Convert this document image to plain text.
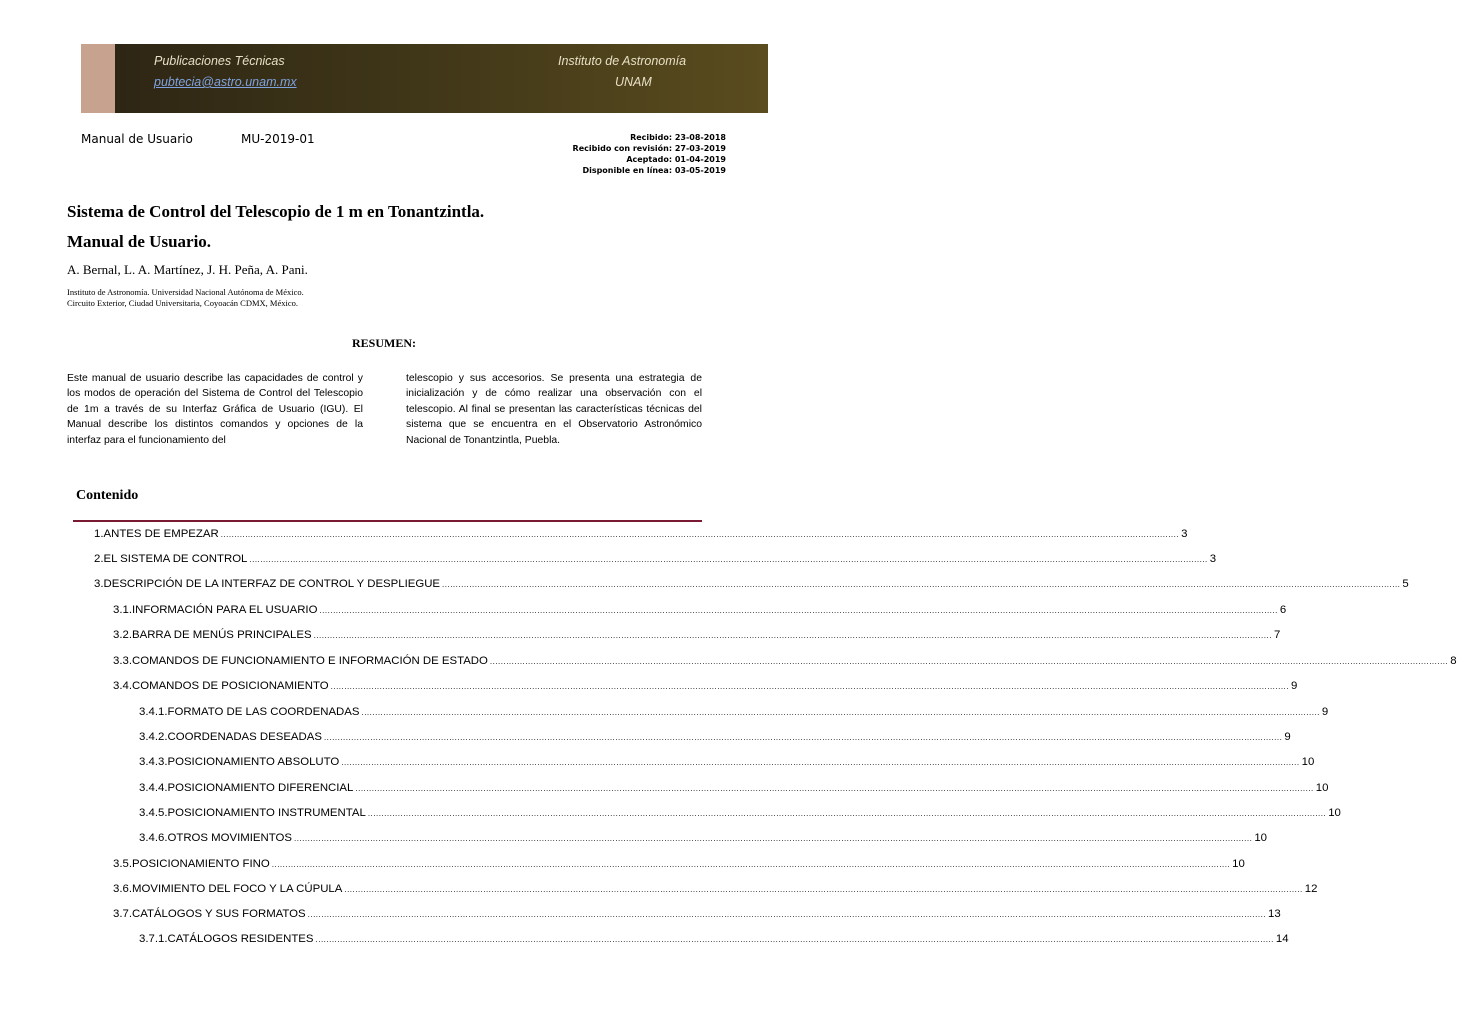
Publicaciones Técnicas
pubtecia@astro.unam.mx
Instituto de Astronomía
UNAM
Manual de Usuario	MU-2019-01	Recibido: 23-08-2018
Recibido con revisión: 27-03-2019
Aceptado: 01-04-2019
Disponible en línea: 03-05-2019
Sistema de Control del Telescopio de 1 m en Tonantzintla.
Manual de Usuario.
A. Bernal, L. A. Martínez, J. H. Peña, A. Pani.
Instituto de Astronomía. Universidad Nacional Autónoma de México.
Circuito Exterior, Ciudad Universitaria, Coyoacán CDMX, México.
RESUMEN:
Este manual de usuario describe las capacidades de control y los modos de operación del Sistema de Control del Telescopio de 1m a través de su Interfaz Gráfica de Usuario (IGU). El Manual describe los distintos comandos y opciones de la interfaz para el funcionamiento del
telescopio y sus accesorios. Se presenta una estrategia de inicialización y de cómo realizar una observación con el telescopio. Al final se presentan las características técnicas del sistema que se encuentra en el Observatorio Astronómico Nacional de Tonantzintla, Puebla.
Contenido
1. ANTES DE EMPEZAR ................................................................................................................................................................................................................................................................................................................................................................ 3
2. EL SISTEMA DE CONTROL ................................................................................................................................................................................................................................................................................................................................................................ 3
3. DESCRIPCIÓN DE LA INTERFAZ DE CONTROL Y DESPLIEGUE ................................................................................................................................................................................................................................................................................................................................................................ 5
3.1. INFORMACIÓN PARA EL USUARIO ................................................................................................................................................................................................................................................................................................................................................................ 6
3.2. BARRA DE MENÚS PRINCIPALES ................................................................................................................................................................................................................................................................................................................................................................ 7
3.3. COMANDOS DE FUNCIONAMIENTO E INFORMACIÓN DE ESTADO ................................................................................................................................................................................................................................................................................................................................................................ 8
3.4. COMANDOS DE POSICIONAMIENTO ................................................................................................................................................................................................................................................................................................................................................................ 9
3.4.1. FORMATO DE LAS COORDENADAS ................................................................................................................................................................................................................................................................................................................................................................ 9
3.4.2. COORDENADAS DESEADAS ................................................................................................................................................................................................................................................................................................................................................................ 9
3.4.3. POSICIONAMIENTO ABSOLUTO ................................................................................................................................................................................................................................................................................................................................................................ 10
3.4.4. POSICIONAMIENTO DIFERENCIAL ................................................................................................................................................................................................................................................................................................................................................................ 10
3.4.5. POSICIONAMIENTO INSTRUMENTAL ................................................................................................................................................................................................................................................................................................................................................................ 10
3.4.6. OTROS MOVIMIENTOS ................................................................................................................................................................................................................................................................................................................................................................ 10
3.5. POSICIONAMIENTO FINO ................................................................................................................................................................................................................................................................................................................................................................ 10
3.6. MOVIMIENTO DEL FOCO Y LA CÚPULA ................................................................................................................................................................................................................................................................................................................................................................ 12
3.7. CATÁLOGOS Y SUS FORMATOS ................................................................................................................................................................................................................................................................................................................................................................ 13
3.7.1. CATÁLOGOS RESIDENTES ................................................................................................................................................................................................................................................................................................................................................................ 14
